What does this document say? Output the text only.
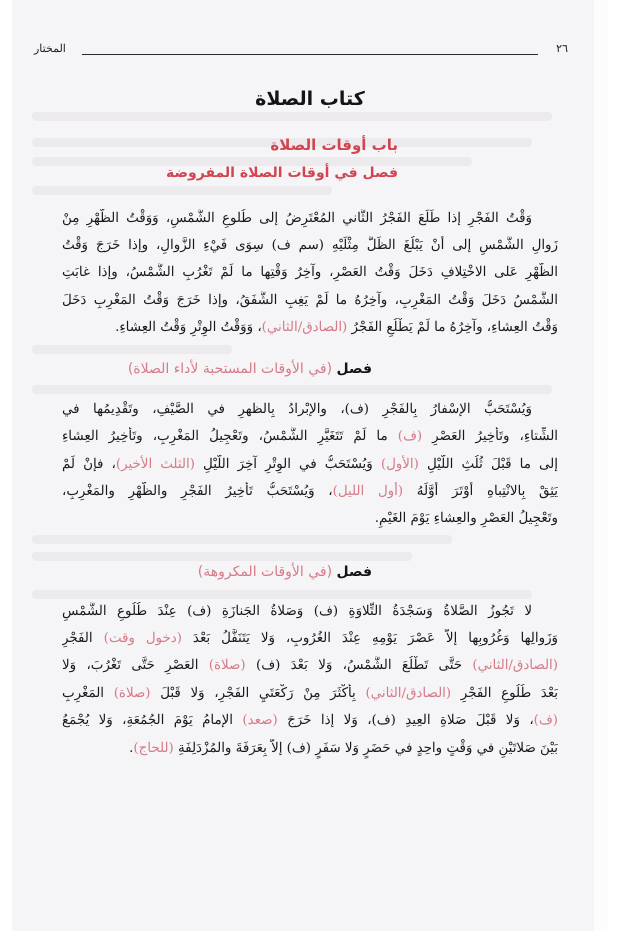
المختار	٢٦
كتاب الصلاة
باب أوقات الصلاة
فصل في أوقات الصلاة المفروضة
وَقْتُ الفَجْرِ إذا طَلَعَ الفَجْرُ الثَّاني المُعْتَرِضُ إلى طُلوعِ الشَّمْسِ، وَوَقْتُ الظُّهْرِ مِنْ
زَوالِ الشَّمْسِ إلى أَنْ يَبْلُغَ الظِّلُّ مِثْلَيْهِ (سم ف) سِوَى فَيْءِ الزَّوالِ، وإذا خَرَجَ وَقْتُ
الظُّهْرِ عَلى الاخْتِلافِ دَخَلَ وَقْتُ العَصْرِ، وآخِرُ وَقْتِها ما لَمْ تَغْرُبِ الشَّمْسُ، وإذا غابَتِ
الشَّمْسُ دَخَلَ وَقْتُ المَغْرِبِ، وآخِرُهُ ما لَمْ يَغِبِ الشَّفَقُ، وإذا خَرَجَ وَقْتُ المَغْرِبِ دَخَلَ
وَقْتُ العِشاءِ، وآخِرُهُ ما لَمْ يَطْلُعِ الفَجْرُ (الصادق/الثاني)، وَوَقْتُ الوِتْرِ وَقْتُ العِشاءِ.
فصل (في الأوقات المستحبة لأداء الصلاة)
وَيُسْتَحَبُّ الإسْفارُ بِالفَجْرِ (ف)، والإبْرادُ بِالظهرِ في الصَّيْفِ، وتَقْدِيمُها في
الشِّتاءِ، وتَأْخِيرُ العَصْرِ (ف) ما لَمْ تَتَغَيَّرِ الشَّمْسُ، وتَعْجِيلُ المَغْرِبِ، وتَأْخِيرُ العِشاءِ
إلى ما قَبْلَ ثُلُثِ اللَّيْلِ (الأول) وَيُسْتَحَبُّ في الوِتْرِ آخِرَ اللَّيْلِ (الثلث الأخير)، فإنْ لَمْ
يَثِقْ بِالانْتِباهِ أَوْتَرَ أَوَّلَهُ (أول الليل)، وَيُسْتَحَبُّ تَأْخِيرُ الفَجْرِ والظُّهْرِ والمَغْرِبِ،
وتَعْجِيلُ العَصْرِ والعِشاءِ يَوْمَ الغَيْمِ.
فصل (في الأوقات المكروهة)
لا تَجُوزُ الصَّلاةُ وَسَجْدَةُ التِّلاوَةِ (ف) وَصَلاةُ الجَنازَةِ (ف) عِنْدَ طُلُوعِ الشَّمْسِ
وَزَوالِها وَغُرُوبِها إلاَّ عَصْرَ يَوْمِهِ عِنْدَ الغُرُوبِ، وَلا يَتَنَفَّلُ بَعْدَ (دخول وقت) الفَجْرِ
(الصادق/الثاني) حَتَّى تَطْلُعَ الشَّمْسُ، وَلا بَعْدَ (ف) (صلاة) العَصْرِ حَتَّى تَغْرُبَ، وَلا
بَعْدَ طُلُوعِ الفَجْرِ (الصادق/الثاني) بِأَكْثَرَ مِنْ رَكْعَتَيِ الفَجْرِ، وَلا قَبْلَ (صلاة) المَغْرِبِ
(ف)، وَلا قَبْلَ صَلاةِ العِيدِ (ف)، وَلا إذا خَرَجَ (صعد) الإمامُ يَوْمَ الجُمُعَةِ، وَلا يُجْمَعُ
بَيْنَ صَلاتَيْنِ في وَقْتٍ واحِدٍ في حَضَرٍ وَلا سَفَرٍ (ف) إلاَّ بِعَرَفَةَ والمُزْدَلِفَةِ (للحاج).
